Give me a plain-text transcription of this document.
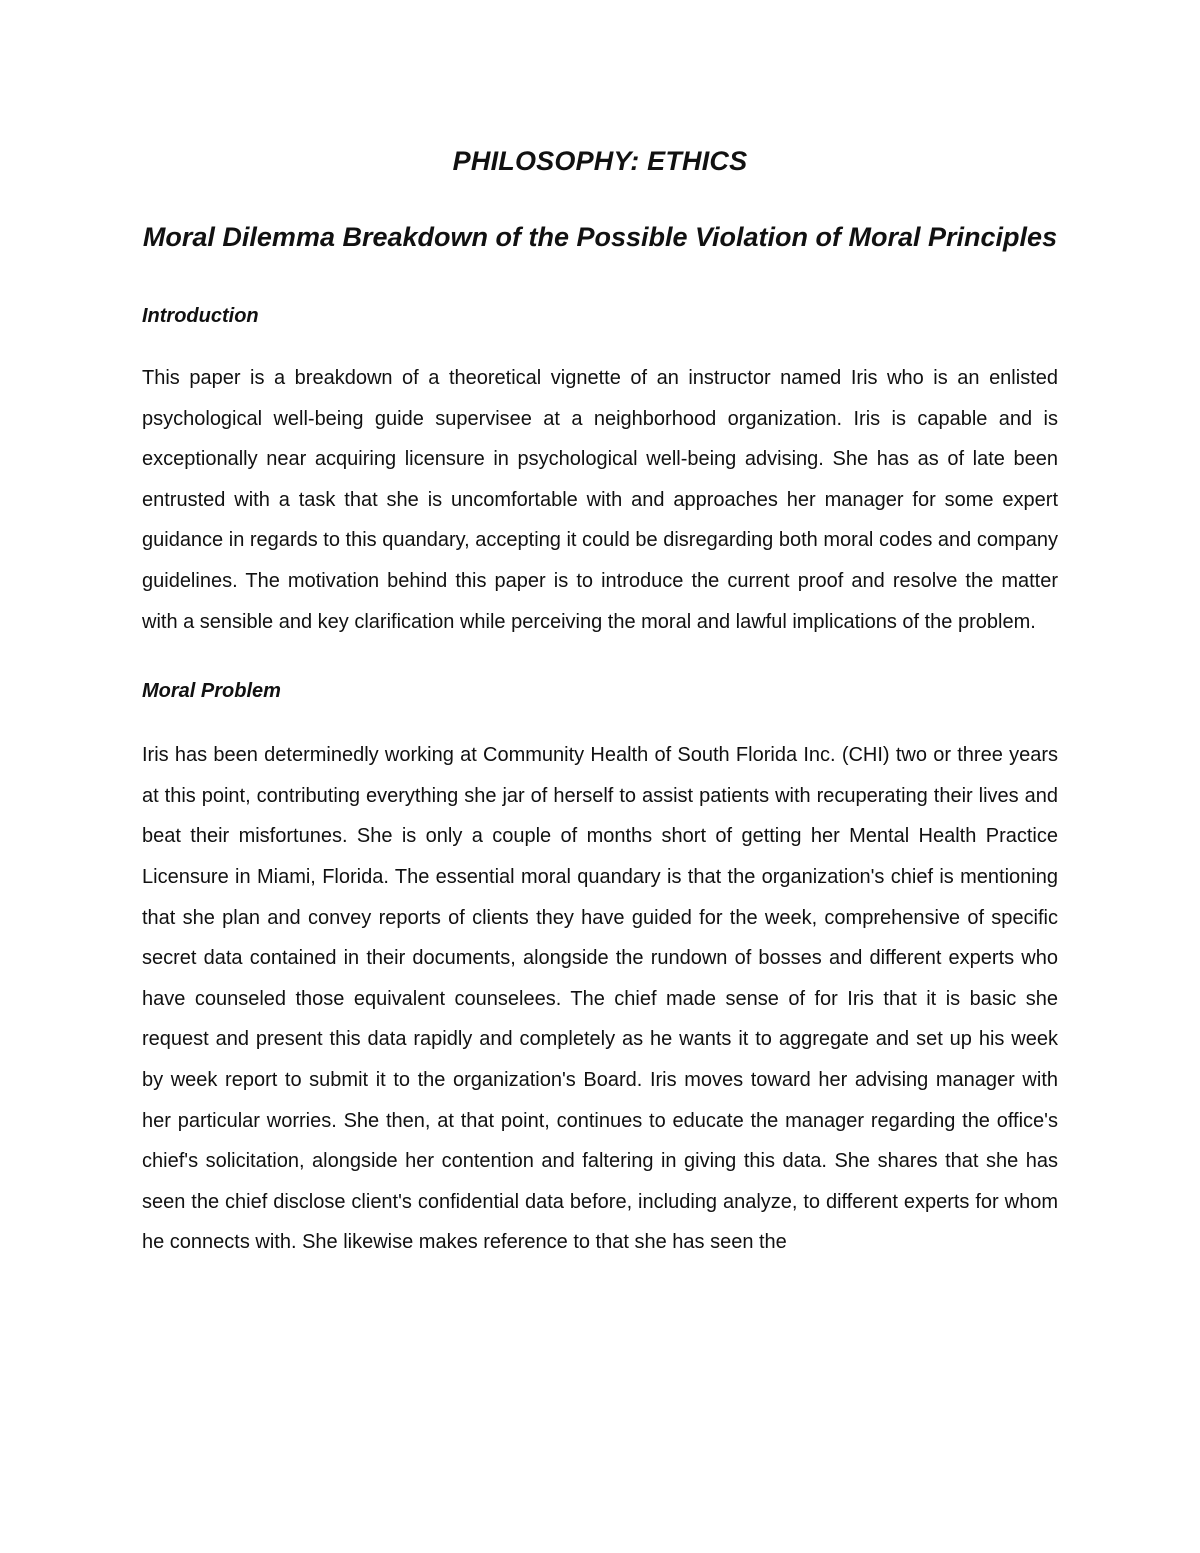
PHILOSOPHY: ETHICS
Moral Dilemma Breakdown of the Possible Violation of Moral Principles
Introduction

This paper is a breakdown of a theoretical vignette of an instructor named Iris who is an enlisted psychological well-being guide supervisee at a neighborhood organization. Iris is capable and is exceptionally near acquiring licensure in psychological well-being advising. She has as of late been entrusted with a task that she is uncomfortable with and approaches her manager for some expert guidance in regards to this quandary, accepting it could be disregarding both moral codes and company guidelines. The motivation behind this paper is to introduce the current proof and resolve the matter with a sensible and key clarification while perceiving the moral and lawful implications of the problem.

Moral Problem

Iris has been determinedly working at Community Health of South Florida Inc. (CHI) two or three years at this point, contributing everything she jar of herself to assist patients with recuperating their lives and beat their misfortunes. She is only a couple of months short of getting her Mental Health Practice Licensure in Miami, Florida. The essential moral quandary is that the organization's chief is mentioning that she plan and convey reports of clients they have guided for the week, comprehensive of specific secret data contained in their documents, alongside the rundown of bosses and different experts who have counseled those equivalent counselees. The chief made sense of for Iris that it is basic she request and present this data rapidly and completely as he wants it to aggregate and set up his week by week report to submit it to the organization's Board. Iris moves toward her advising manager with her particular worries. She then, at that point, continues to educate the manager regarding the office's chief's solicitation, alongside her contention and faltering in giving this data. She shares that she has seen the chief disclose client's confidential data before, including analyze, to different experts for whom he connects with. She likewise makes reference to that she has seen the
